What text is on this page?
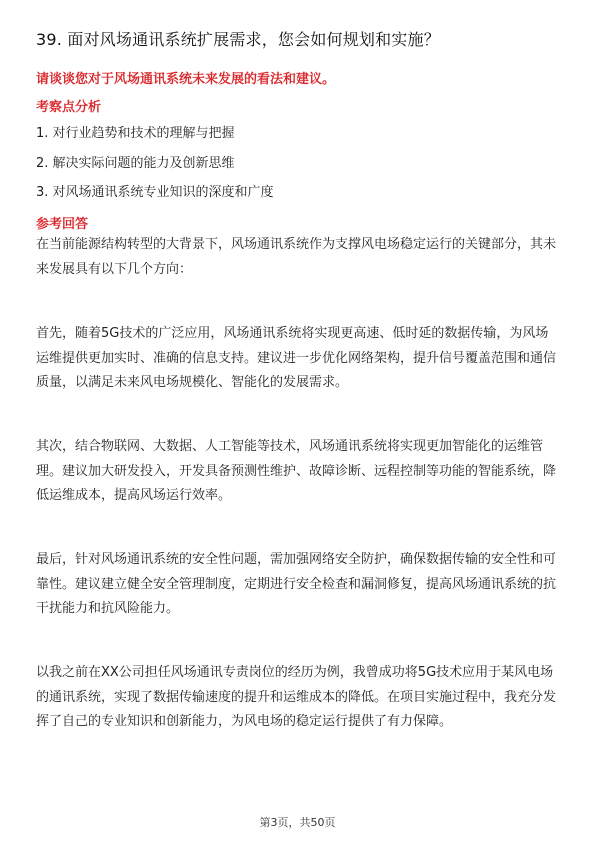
39. 面对风场通讯系统扩展需求，您会如何规划和实施？
请谈谈您对于风场通讯系统未来发展的看法和建议。
考察点分析
1. 对行业趋势和技术的理解与把握
2. 解决实际问题的能力及创新思维
3. 对风场通讯系统专业知识的深度和广度
参考回答
在当前能源结构转型的大背景下，风场通讯系统作为支撑风电场稳定运行的关键部分，其未来发展具有以下几个方向：
首先，随着5G技术的广泛应用，风场通讯系统将实现更高速、低时延的数据传输，为风场运维提供更加实时、准确的信息支持。建议进一步优化网络架构，提升信号覆盖范围和通信质量，以满足未来风电场规模化、智能化的发展需求。
其次，结合物联网、大数据、人工智能等技术，风场通讯系统将实现更加智能化的运维管理。建议加大研发投入，开发具备预测性维护、故障诊断、远程控制等功能的智能系统，降低运维成本，提高风场运行效率。
最后，针对风场通讯系统的安全性问题，需加强网络安全防护，确保数据传输的安全性和可靠性。建议建立健全安全管理制度，定期进行安全检查和漏洞修复，提高风场通讯系统的抗干扰能力和抗风险能力。
以我之前在XX公司担任风场通讯专责岗位的经历为例，我曾成功将5G技术应用于某风电场的通讯系统，实现了数据传输速度的提升和运维成本的降低。在项目实施过程中，我充分发挥了自己的专业知识和创新能力，为风电场的稳定运行提供了有力保障。
第3页，共50页
